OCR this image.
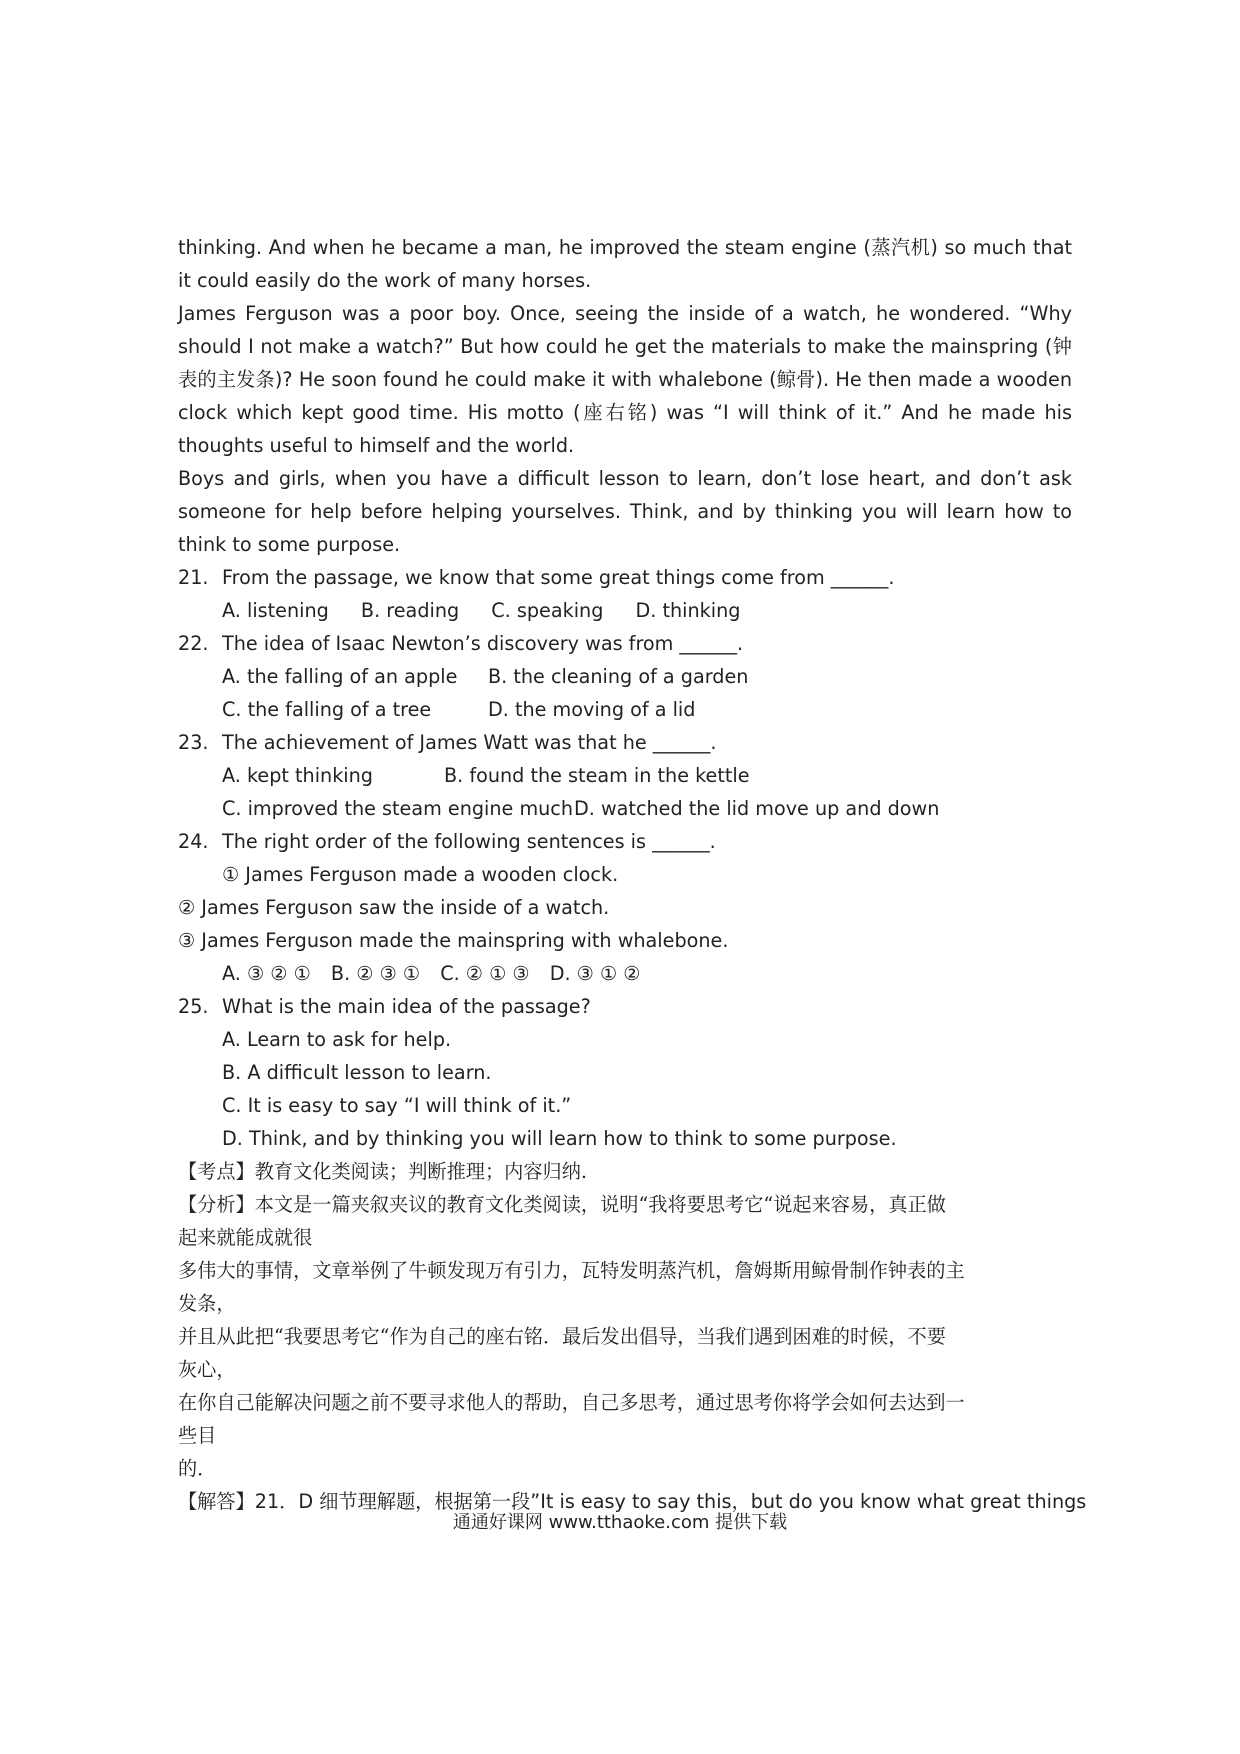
thinking. And when he became a man, he improved the steam engine (蒸汽机) so much that it could easily do the work of many horses.

James Ferguson was a poor boy. Once, seeing the inside of a watch, he wondered. “Why should I not make a watch?” But how could he get the materials to make the mainspring (钟表的主发条)? He soon found he could make it with whalebone (鲸骨). He then made a wooden clock which kept good time. His motto (座右铭) was “I will think of it.” And he made his thoughts useful to himself and the world.

Boys and girls, when you have a difficult lesson to learn, don’t lose heart, and don’t ask someone for help before helping yourselves. Think, and by thinking you will learn how to think to some purpose.

21. From the passage, we know that some great things come from ______.
A. listening B. reading C. speaking D. thinking
22. The idea of Isaac Newton’s discovery was from ______.
A. the falling of an apple B. the cleaning of a garden
C. the falling of a tree	D. the moving of a lid
23. The achievement of James Watt was that he ______.
A. kept thinking	B. found the steam in the kettle
C. improved the steam engine muchD. watched the lid move up and down
24. The right order of the following sentences is ______.
① James Ferguson made a wooden clock.
② James Ferguson saw the inside of a watch.
③ James Ferguson made the mainspring with whalebone.
A. ③ ② ① B. ② ③ ① C. ② ① ③ D. ③ ① ②
25. What is the main idea of the passage?
A. Learn to ask for help.
B. A difficult lesson to learn.
C. It is easy to say “I will think of it.”
D. Think, and by thinking you will learn how to think to some purpose.
【考点】教育文化类阅读；判断推理；内容归纳.
【分析】本文是一篇夹叙夹议的教育文化类阅读，说明“我将要思考它“说起来容易，真正做
起来就能成就很
多伟大的事情，文章举例了牛顿发现万有引力，瓦特发明蒸汽机，詹姆斯用鲸骨制作钟表的主
发条，
并且从此把“我要思考它“作为自己的座右铭．最后发出倡导，当我们遇到困难的时候，不要
灰心，
在你自己能解决问题之前不要寻求他人的帮助，自己多思考，通过思考你将学会如何去达到一
些目
的．
【解答】21．D 细节理解题，根据第一段”It is easy to say this，but do you know what great things
通通好课网 www.tthaoke.com 提供下载
